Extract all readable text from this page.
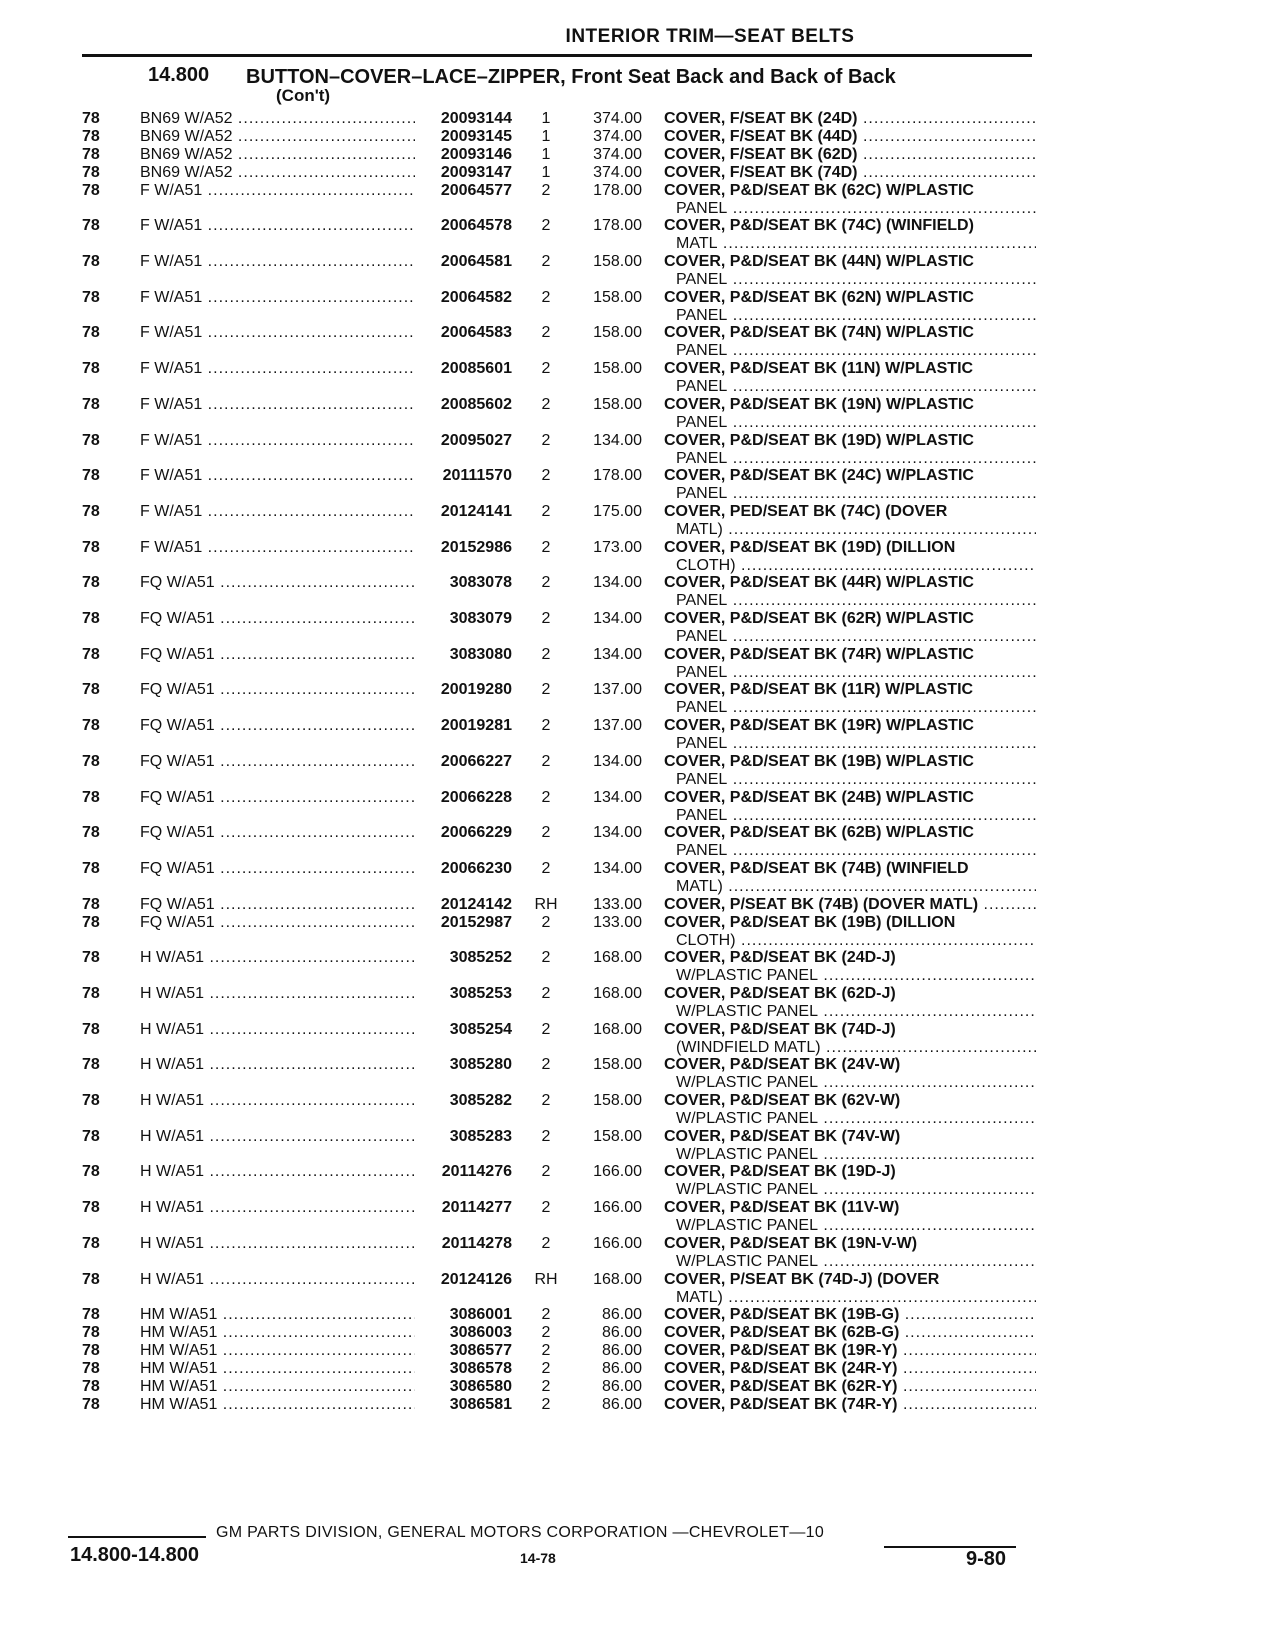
INTERIOR TRIM—SEAT BELTS
14.800 BUTTON–COVER–LACE–ZIPPER, Front Seat Back and Back of Back
(Con't)
78	BN69 W/A52 .....	20093144	1	374.00 COVER, F/SEAT BK (24D) .....
78	BN69 W/A52 .....	20093145	1	374.00 COVER, F/SEAT BK (44D) .....
78	BN69 W/A52 .....	20093146	1	374.00 COVER, F/SEAT BK (62D) .....
78	BN69 W/A52 .....	20093147	1	374.00 COVER, F/SEAT BK (74D) .....
78	F W/A51 .....	20064577	2	178.00 COVER, P&D/SEAT BK (62C) W/PLASTIC
PANEL .....
78	F W/A51 .....	20064578	2	178.00 COVER, P&D/SEAT BK (74C) (WINFIELD)
MATL .....
78	F W/A51 .....	20064581	2	158.00 COVER, P&D/SEAT BK (44N) W/PLASTIC
PANEL .....
78	F W/A51 .....	20064582	2	158.00 COVER, P&D/SEAT BK (62N) W/PLASTIC
PANEL .....
78	F W/A51 .....	20064583	2	158.00 COVER, P&D/SEAT BK (74N) W/PLASTIC
PANEL .....
78	F W/A51 .....	20085601	2	158.00 COVER, P&D/SEAT BK (11N) W/PLASTIC
PANEL .....
78	F W/A51 .....	20085602	2	158.00 COVER, P&D/SEAT BK (19N) W/PLASTIC
PANEL .....
78	F W/A51 .....	20095027	2	134.00 COVER, P&D/SEAT BK (19D) W/PLASTIC
PANEL .....
78	F W/A51 .....	20111570	2	178.00 COVER, P&D/SEAT BK (24C) W/PLASTIC
PANEL .....
78	F W/A51 .....	20124141	2	175.00 COVER, PED/SEAT BK (74C) (DOVER
MATL) .....
78	F W/A51 .....	20152986	2	173.00 COVER, P&D/SEAT BK (19D) (DILLION
CLOTH) .....
78	FQ W/A51 .....	3083078	2	134.00 COVER, P&D/SEAT BK (44R) W/PLASTIC
PANEL .....
78	FQ W/A51 .....	3083079	2	134.00 COVER, P&D/SEAT BK (62R) W/PLASTIC
PANEL .....
78	FQ W/A51 .....	3083080	2	134.00 COVER, P&D/SEAT BK (74R) W/PLASTIC
PANEL .....
78	FQ W/A51 .....	20019280	2	137.00 COVER, P&D/SEAT BK (11R) W/PLASTIC
PANEL .....
78	FQ W/A51 .....	20019281	2	137.00 COVER, P&D/SEAT BK (19R) W/PLASTIC
PANEL .....
78	FQ W/A51 .....	20066227	2	134.00 COVER, P&D/SEAT BK (19B) W/PLASTIC
PANEL .....
78	FQ W/A51 .....	20066228	2	134.00 COVER, P&D/SEAT BK (24B) W/PLASTIC
PANEL .....
78	FQ W/A51 .....	20066229	2	134.00 COVER, P&D/SEAT BK (62B) W/PLASTIC
PANEL .....
78	FQ W/A51 .....	20066230	2	134.00 COVER, P&D/SEAT BK (74B) (WINFIELD
MATL) .....
78	FQ W/A51 .....	20124142 RH 133.00 COVER, P/SEAT BK (74B) (DOVER MATL) .....
78	FQ W/A51 .....	20152987	2	133.00 COVER, P&D/SEAT BK (19B) (DILLION
CLOTH) .....
78	H W/A51 .....	3085252	2	168.00 COVER, P&D/SEAT BK (24D-J)
W/PLASTIC PANEL .....
78	H W/A51 .....	3085253	2	168.00 COVER, P&D/SEAT BK (62D-J)
W/PLASTIC PANEL .....
78	H W/A51 .....	3085254	2	168.00 COVER, P&D/SEAT BK (74D-J)
(WINDFIELD MATL) .....
78	H W/A51 .....	3085280	2	158.00 COVER, P&D/SEAT BK (24V-W)
W/PLASTIC PANEL .....
78	H W/A51 .....	3085282	2	158.00 COVER, P&D/SEAT BK (62V-W)
W/PLASTIC PANEL .....
78	H W/A51 .....	3085283	2	158.00 COVER, P&D/SEAT BK (74V-W)
W/PLASTIC PANEL .....
78	H W/A51 .....	20114276	2	166.00 COVER, P&D/SEAT BK (19D-J)
W/PLASTIC PANEL .....
78	H W/A51 .....	20114277	2	166.00 COVER, P&D/SEAT BK (11V-W)
W/PLASTIC PANEL .....
78	H W/A51 .....	20114278	2	166.00 COVER, P&D/SEAT BK (19N-V-W)
W/PLASTIC PANEL .....
78	H W/A51 .....	20124126 RH 168.00 COVER, P/SEAT BK (74D-J) (DOVER
MATL) .....
78	HM W/A51 .....	3086001	2	86.00 COVER, P&D/SEAT BK (19B-G) .....
78	HM W/A51 .....	3086003	2	86.00 COVER, P&D/SEAT BK (62B-G) .....
78	HM W/A51 .....	3086577	2	86.00 COVER, P&D/SEAT BK (19R-Y) .....
78	HM W/A51 .....	3086578	2	86.00 COVER, P&D/SEAT BK (24R-Y) .....
78	HM W/A51 .....	3086580	2	86.00 COVER, P&D/SEAT BK (62R-Y) .....
78	HM W/A51 .....	3086581	2	86.00 COVER, P&D/SEAT BK (74R-Y) .....
GM PARTS DIVISION, GENERAL MOTORS CORPORATION —CHEVROLET—10
14.800-14.800	14-78	9-80
